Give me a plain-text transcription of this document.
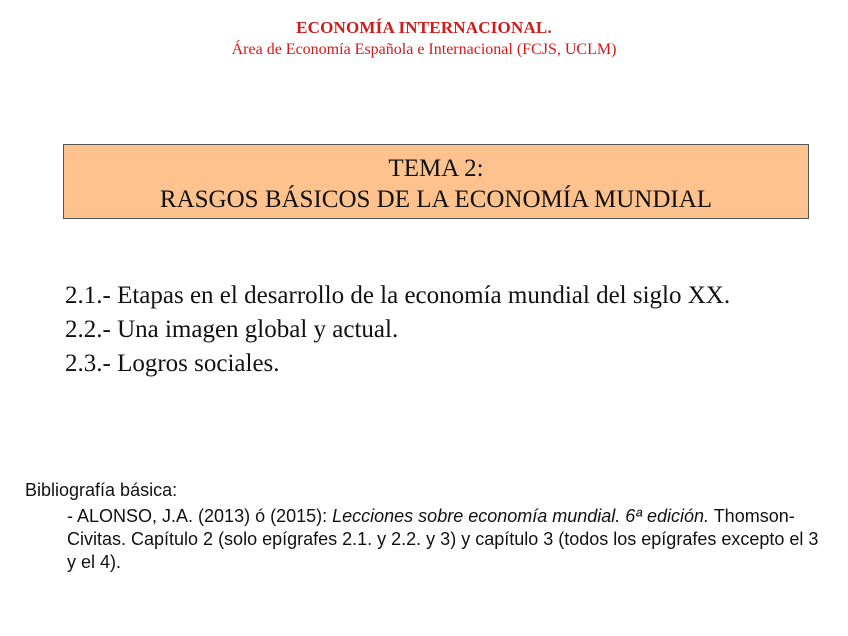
ECONOMÍA INTERNACIONAL.
Área de Economía Española e Internacional (FCJS, UCLM)
TEMA 2:
RASGOS BÁSICOS DE LA ECONOMÍA MUNDIAL
2.1.- Etapas en el desarrollo de la economía mundial del siglo XX.
2.2.- Una imagen global y actual.
2.3.- Logros sociales.
Bibliografía básica:
- ALONSO, J.A. (2013) ó (2015): Lecciones sobre economía mundial. 6ª edición. Thomson-Civitas. Capítulo 2 (solo epígrafes 2.1. y 2.2. y 3) y capítulo 3 (todos los epígrafes excepto el 3 y el 4).
